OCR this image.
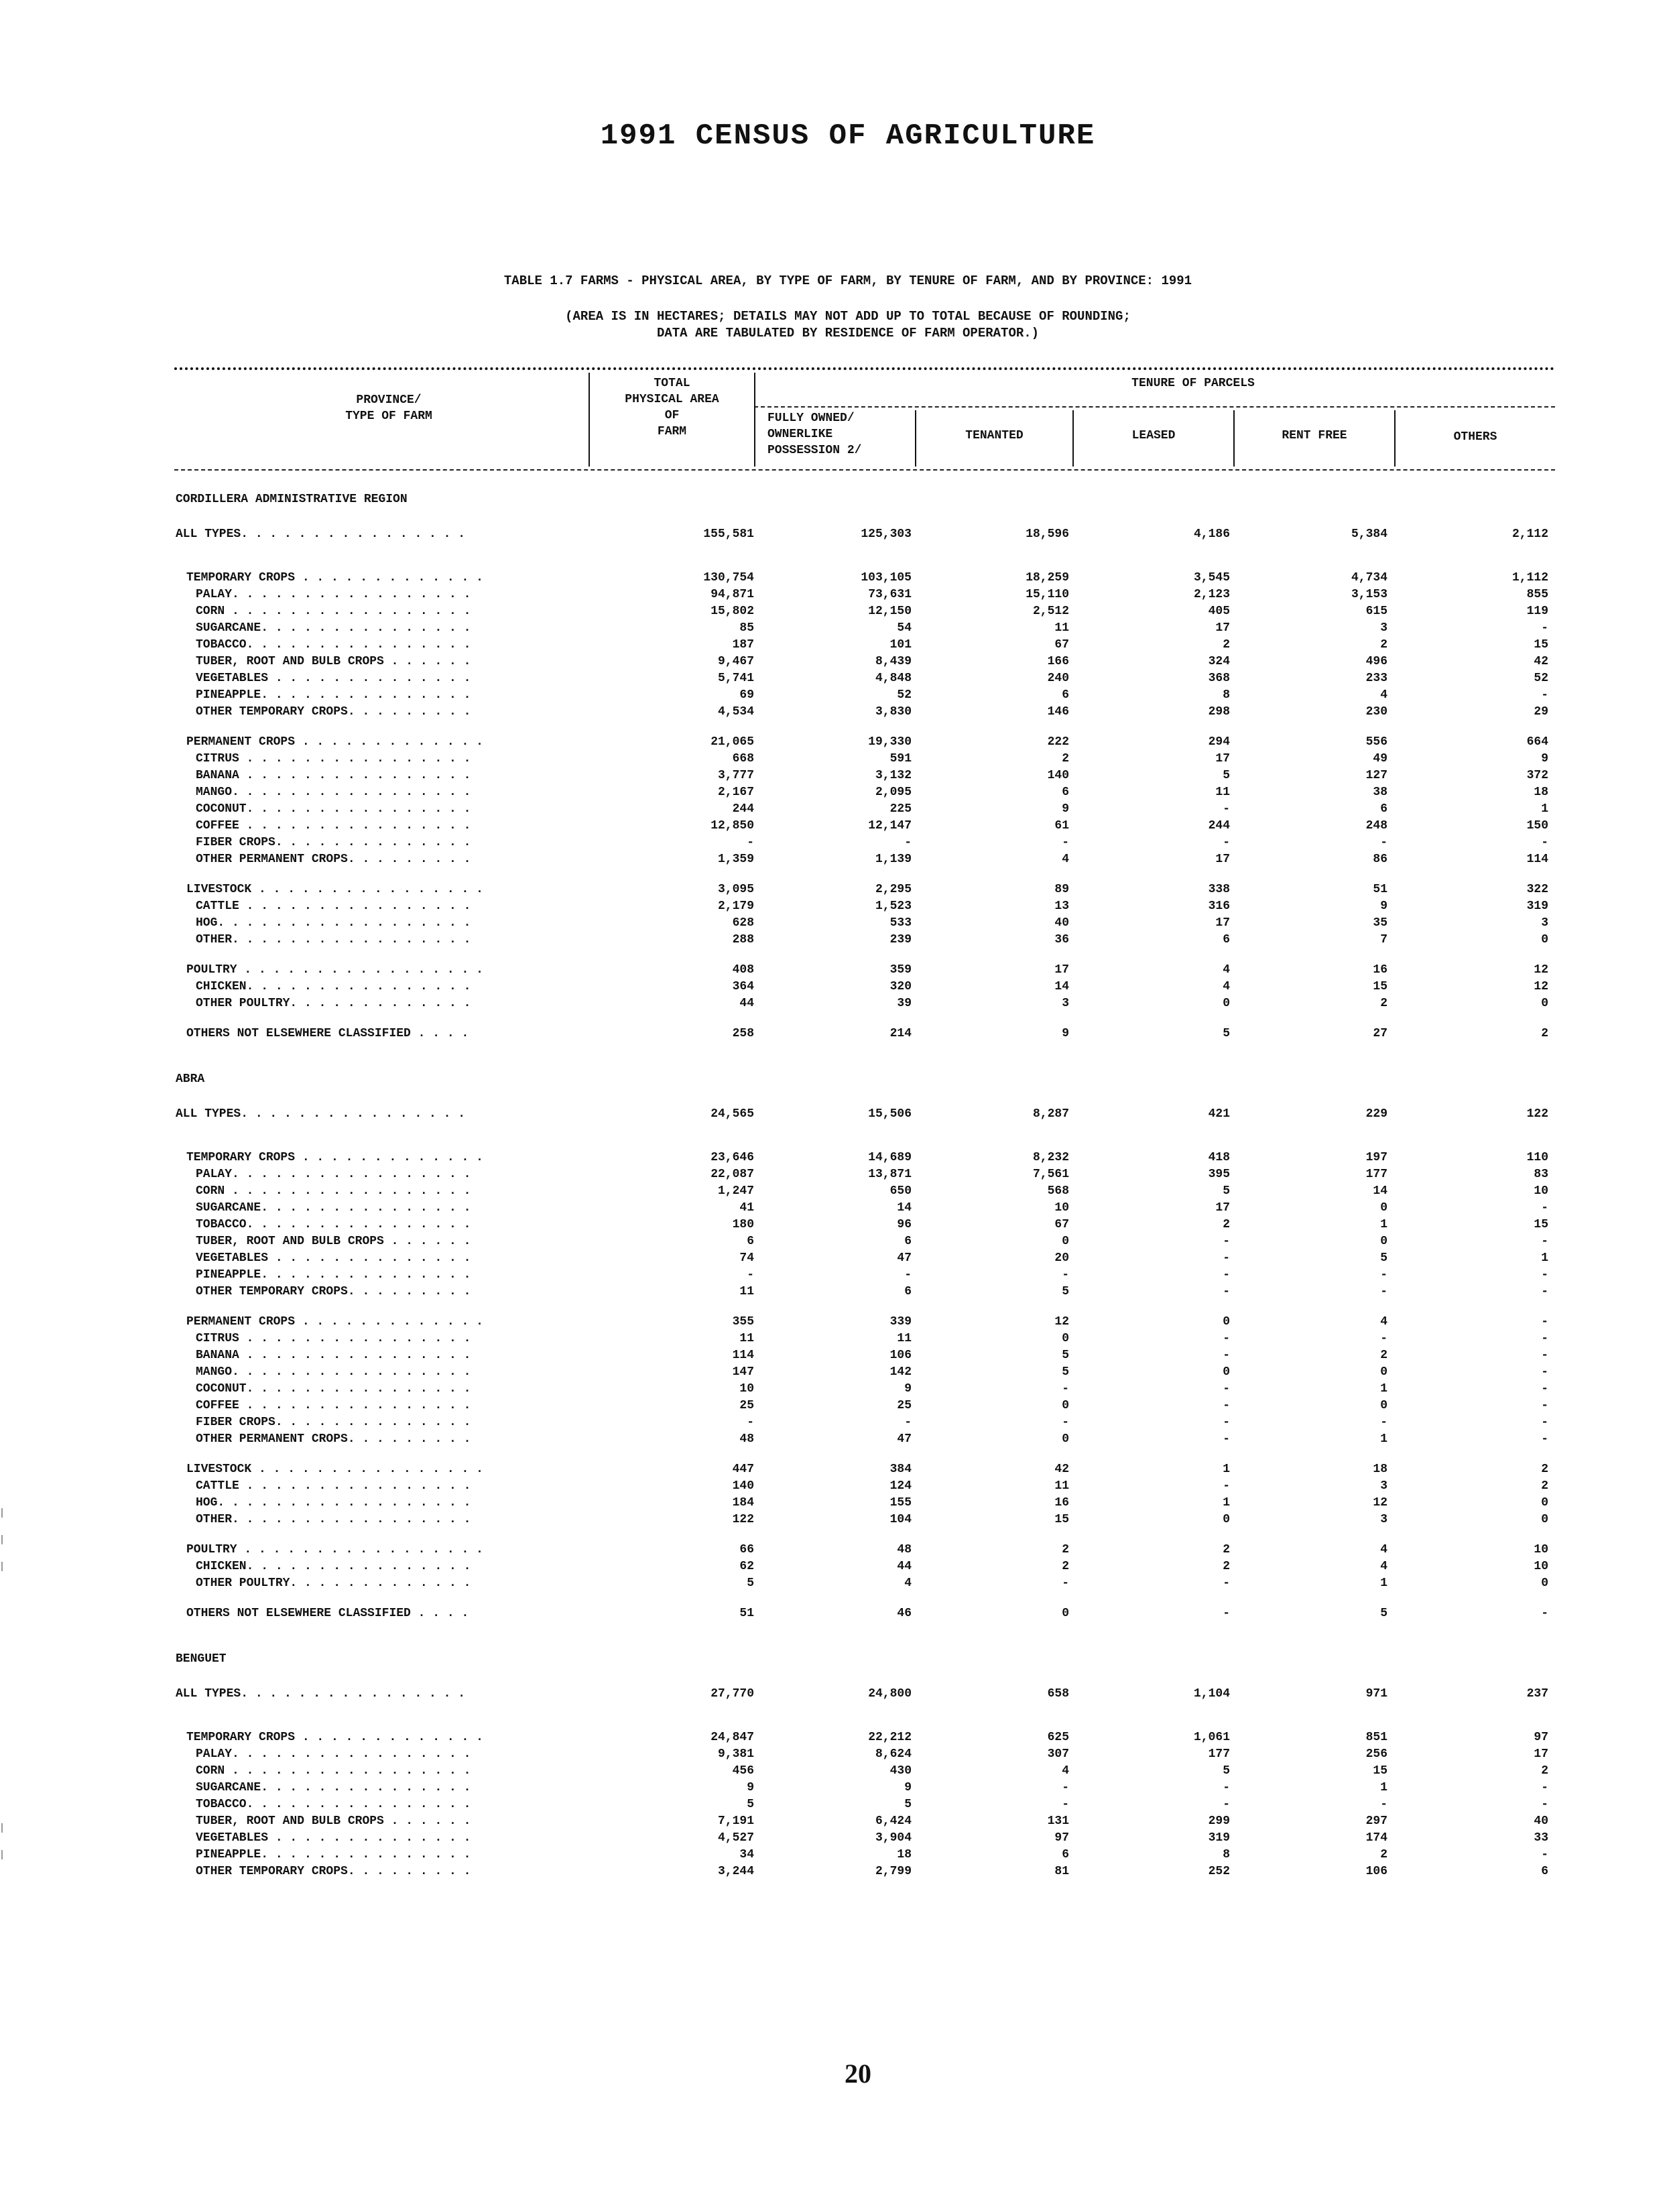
1991 CENSUS OF AGRICULTURE
TABLE 1.7 FARMS - PHYSICAL AREA, BY TYPE OF FARM, BY TENURE OF FARM, AND BY PROVINCE: 1991
(AREA IS IN HECTARES; DETAILS MAY NOT ADD UP TO TOTAL BECAUSE OF ROUNDING;
DATA ARE TABULATED BY RESIDENCE OF FARM OPERATOR.)
PROVINCE/
TYPE OF FARM
TOTAL
PHYSICAL AREA
OF
FARM
TENURE OF PARCELS
FULLY OWNED/
OWNERLIKE
POSSESSION 2/
TENANTED	LEASED	RENT FREE	OTHERS
CORDILLERA ADMINISTRATIVE REGION
ALL TYPES. . . . . . . . . . . . . . . .	155,581	125,303	18,596	4,186	5,384	2,112
TEMPORARY CROPS . . . . . . . . . . . . .	130,754	103,105	18,259	3,545	4,734	1,112
PALAY. . . . . . . . . . . . . . . . .	94,871	73,631	15,110	2,123	3,153	855
CORN . . . . . . . . . . . . . . . . .	15,802	12,150	2,512	405	615	119
SUGARCANE. . . . . . . . . . . . . . .	85	54	11	17	3	-
TOBACCO. . . . . . . . . . . . . . . .	187	101	67	2	2	15
TUBER, ROOT AND BULB CROPS . . . . . .	9,467	8,439	166	324	496	42
VEGETABLES . . . . . . . . . . . . . .	5,741	4,848	240	368	233	52
PINEAPPLE. . . . . . . . . . . . . . .	69	52	6	8	4	-
OTHER TEMPORARY CROPS. . . . . . . . .	4,534	3,830	146	298	230	29
PERMANENT CROPS . . . . . . . . . . . . .	21,065	19,330	222	294	556	664
CITRUS . . . . . . . . . . . . . . . .	668	591	2	17	49	9
BANANA . . . . . . . . . . . . . . . .	3,777	3,132	140	5	127	372
MANGO. . . . . . . . . . . . . . . . .	2,167	2,095	6	11	38	18
COCONUT. . . . . . . . . . . . . . . .	244	225	9	-	6	1
COFFEE . . . . . . . . . . . . . . . .	12,850	12,147	61	244	248	150
FIBER CROPS. . . . . . . . . . . . . .	-	-	-	-	-	-
OTHER PERMANENT CROPS. . . . . . . . .	1,359	1,139	4	17	86	114
LIVESTOCK . . . . . . . . . . . . . . . .	3,095	2,295	89	338	51	322
CATTLE . . . . . . . . . . . . . . . .	2,179	1,523	13	316	9	319
HOG. . . . . . . . . . . . . . . . . .	628	533	40	17	35	3
OTHER. . . . . . . . . . . . . . . . .	288	239	36	6	7	0
POULTRY . . . . . . . . . . . . . . . . .	408	359	17	4	16	12
CHICKEN. . . . . . . . . . . . . . . .	364	320	14	4	15	12
OTHER POULTRY. . . . . . . . . . . . .	44	39	3	0	2	0
OTHERS NOT ELSEWHERE CLASSIFIED . . . .	258	214	9	5	27	2
ABRA
ALL TYPES. . . . . . . . . . . . . . . .	24,565	15,506	8,287	421	229	122
TEMPORARY CROPS . . . . . . . . . . . . .	23,646	14,689	8,232	418	197	110
PALAY. . . . . . . . . . . . . . . . .	22,087	13,871	7,561	395	177	83
CORN . . . . . . . . . . . . . . . . .	1,247	650	568	5	14	10
SUGARCANE. . . . . . . . . . . . . . .	41	14	10	17	0	-
TOBACCO. . . . . . . . . . . . . . . .	180	96	67	2	1	15
TUBER, ROOT AND BULB CROPS . . . . . .	6	6	0	-	0	-
VEGETABLES . . . . . . . . . . . . . .	74	47	20	-	5	1
PINEAPPLE. . . . . . . . . . . . . . .	-	-	-	-	-	-
OTHER TEMPORARY CROPS. . . . . . . . .	11	6	5	-	-	-
PERMANENT CROPS . . . . . . . . . . . . .	355	339	12	0	4	-
CITRUS . . . . . . . . . . . . . . . .	11	11	0	-	-	-
BANANA . . . . . . . . . . . . . . . .	114	106	5	-	2	-
MANGO. . . . . . . . . . . . . . . . .	147	142	5	0	0	-
COCONUT. . . . . . . . . . . . . . . .	10	9	-	-	1	-
COFFEE . . . . . . . . . . . . . . . .	25	25	0	-	0	-
FIBER CROPS. . . . . . . . . . . . . .	-	-	-	-	-	-
OTHER PERMANENT CROPS. . . . . . . . .	48	47	0	-	1	-
LIVESTOCK . . . . . . . . . . . . . . . .	447	384	42	1	18	2
CATTLE . . . . . . . . . . . . . . . .	140	124	11	-	3	2
HOG. . . . . . . . . . . . . . . . . .	184	155	16	1	12	0
OTHER. . . . . . . . . . . . . . . . .	122	104	15	0	3	0
POULTRY . . . . . . . . . . . . . . . . .	66	48	2	2	4	10
CHICKEN. . . . . . . . . . . . . . . .	62	44	2	2	4	10
OTHER POULTRY. . . . . . . . . . . . .	5	4	-	-	1	0
OTHERS NOT ELSEWHERE CLASSIFIED . . . .	51	46	0	-	5	-
BENGUET
ALL TYPES. . . . . . . . . . . . . . . .	27,770	24,800	658	1,104	971	237
TEMPORARY CROPS . . . . . . . . . . . . .	24,847	22,212	625	1,061	851	97
PALAY. . . . . . . . . . . . . . . . .	9,381	8,624	307	177	256	17
CORN . . . . . . . . . . . . . . . . .	456	430	4	5	15	2
SUGARCANE. . . . . . . . . . . . . . .	9	9	-	-	1	-
TOBACCO. . . . . . . . . . . . . . . .	5	5	-	-	-	-
TUBER, ROOT AND BULB CROPS . . . . . .	7,191	6,424	131	299	297	40
VEGETABLES . . . . . . . . . . . . . .	4,527	3,904	97	319	174	33
PINEAPPLE. . . . . . . . . . . . . . .	34	18	6	8	2	-
OTHER TEMPORARY CROPS. . . . . . . . .	3,244	2,799	81	252	106	6
20
